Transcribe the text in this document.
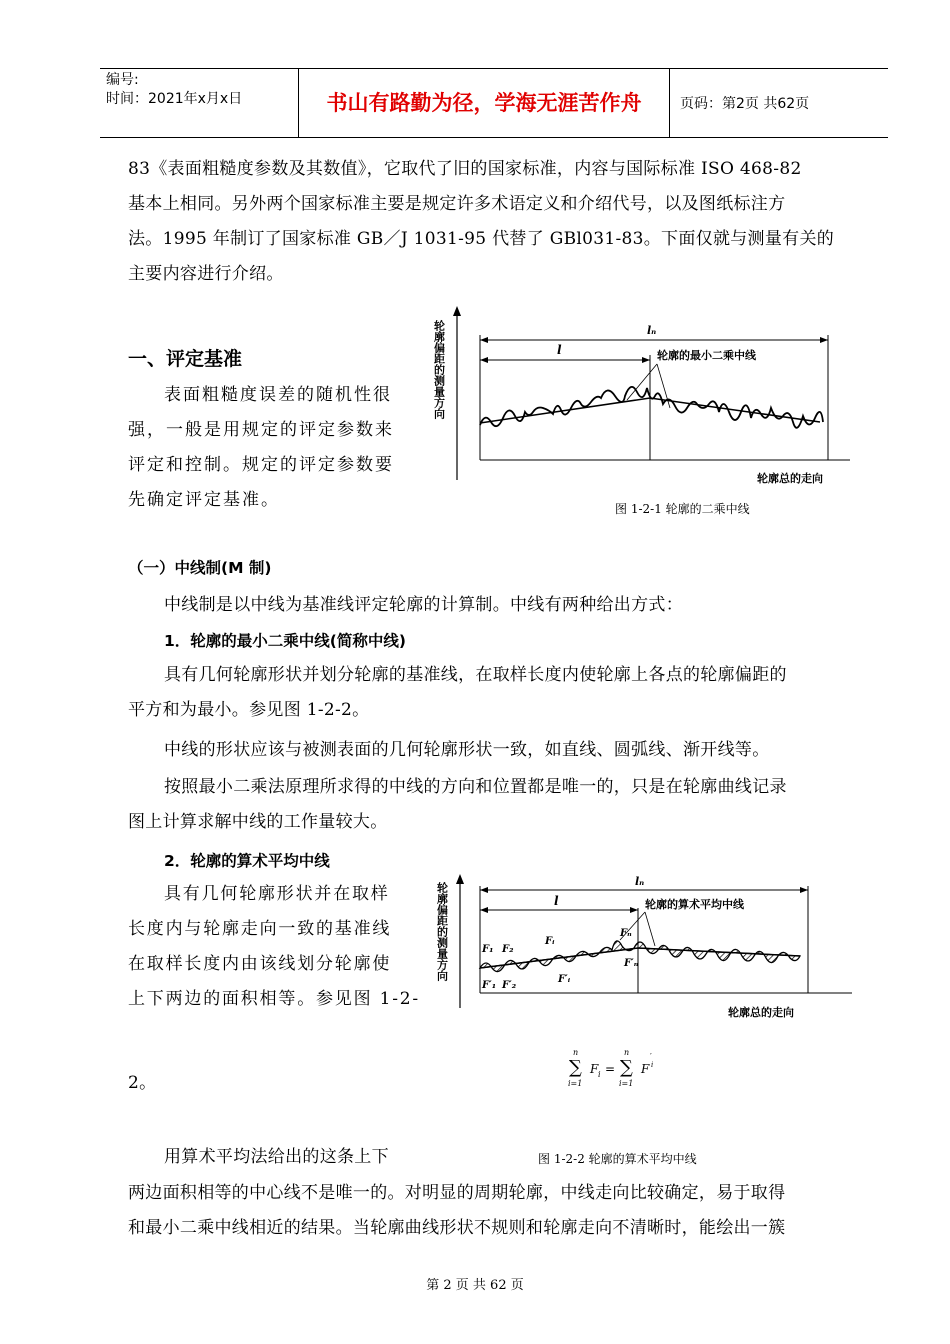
编号:
时间：2021年x月x日	书山有路勤为径，学海无涯苦作舟	页码：第2页 共62页
83《表面粗糙度参数及其数值》，它取代了旧的国家标准，内容与国际标准 ISO 468-82
基本上相同。另外两个国家标准主要是规定许多术语定义和介绍代号，以及图纸标注方
法。1995 年制订了国家标准 GB／J 1031-95 代替了 GBl031-83。下面仅就与测量有关的
主要内容进行介绍。
一、评定基准
表面粗糙度误差的随机性很
强，一般是用规定的评定参数来
评定和控制。规定的评定参数要
先确定评定基准。
轮廓偏距的测量方向	lₙ
l	轮廓的最小二乘中线
轮廓总的走向
图 1-2-1 轮廓的二乘中线
（一）中线制(M 制)
中线制是以中线为基准线评定轮廓的计算制。中线有两种给出方式：
1．轮廓的最小二乘中线(简称中线)
具有几何轮廓形状并划分轮廓的基准线，在取样长度内使轮廓上各点的轮廓偏距的
平方和为最小。参见图 1-2-2。
中线的形状应该与被测表面的几何轮廓形状一致，如直线、圆弧线、渐开线等。
按照最小二乘法原理所求得的中线的方向和位置都是唯一的，只是在轮廓曲线记录
图上计算求解中线的工作量较大。
2．轮廓的算术平均中线
具有几何轮廓形状并在取样
长度内与轮廓走向一致的基准线
在取样长度内由该线划分轮廓使
上下两边的面积相等。参见图 1-2-
2。
轮廓偏距的测量方向
lₙ
l	轮廓的算术平均中线
F₁ F₂
Fᵢ
Fₙ
F′₁ F′₂
F′ᵢ
F′ₙ
轮廓总的走向
n
∑
i=1
F i =
n
∑
i=1
F
′
i
用算术平均法给出的这条上下	图 1-2-2 轮廓的算术平均中线
两边面积相等的中心线不是唯一的。对明显的周期轮廓，中线走向比较确定，易于取得
和最小二乘中线相近的结果。当轮廓曲线形状不规则和轮廓走向不清晰时，能绘出一簇
第 2 页 共 62 页
